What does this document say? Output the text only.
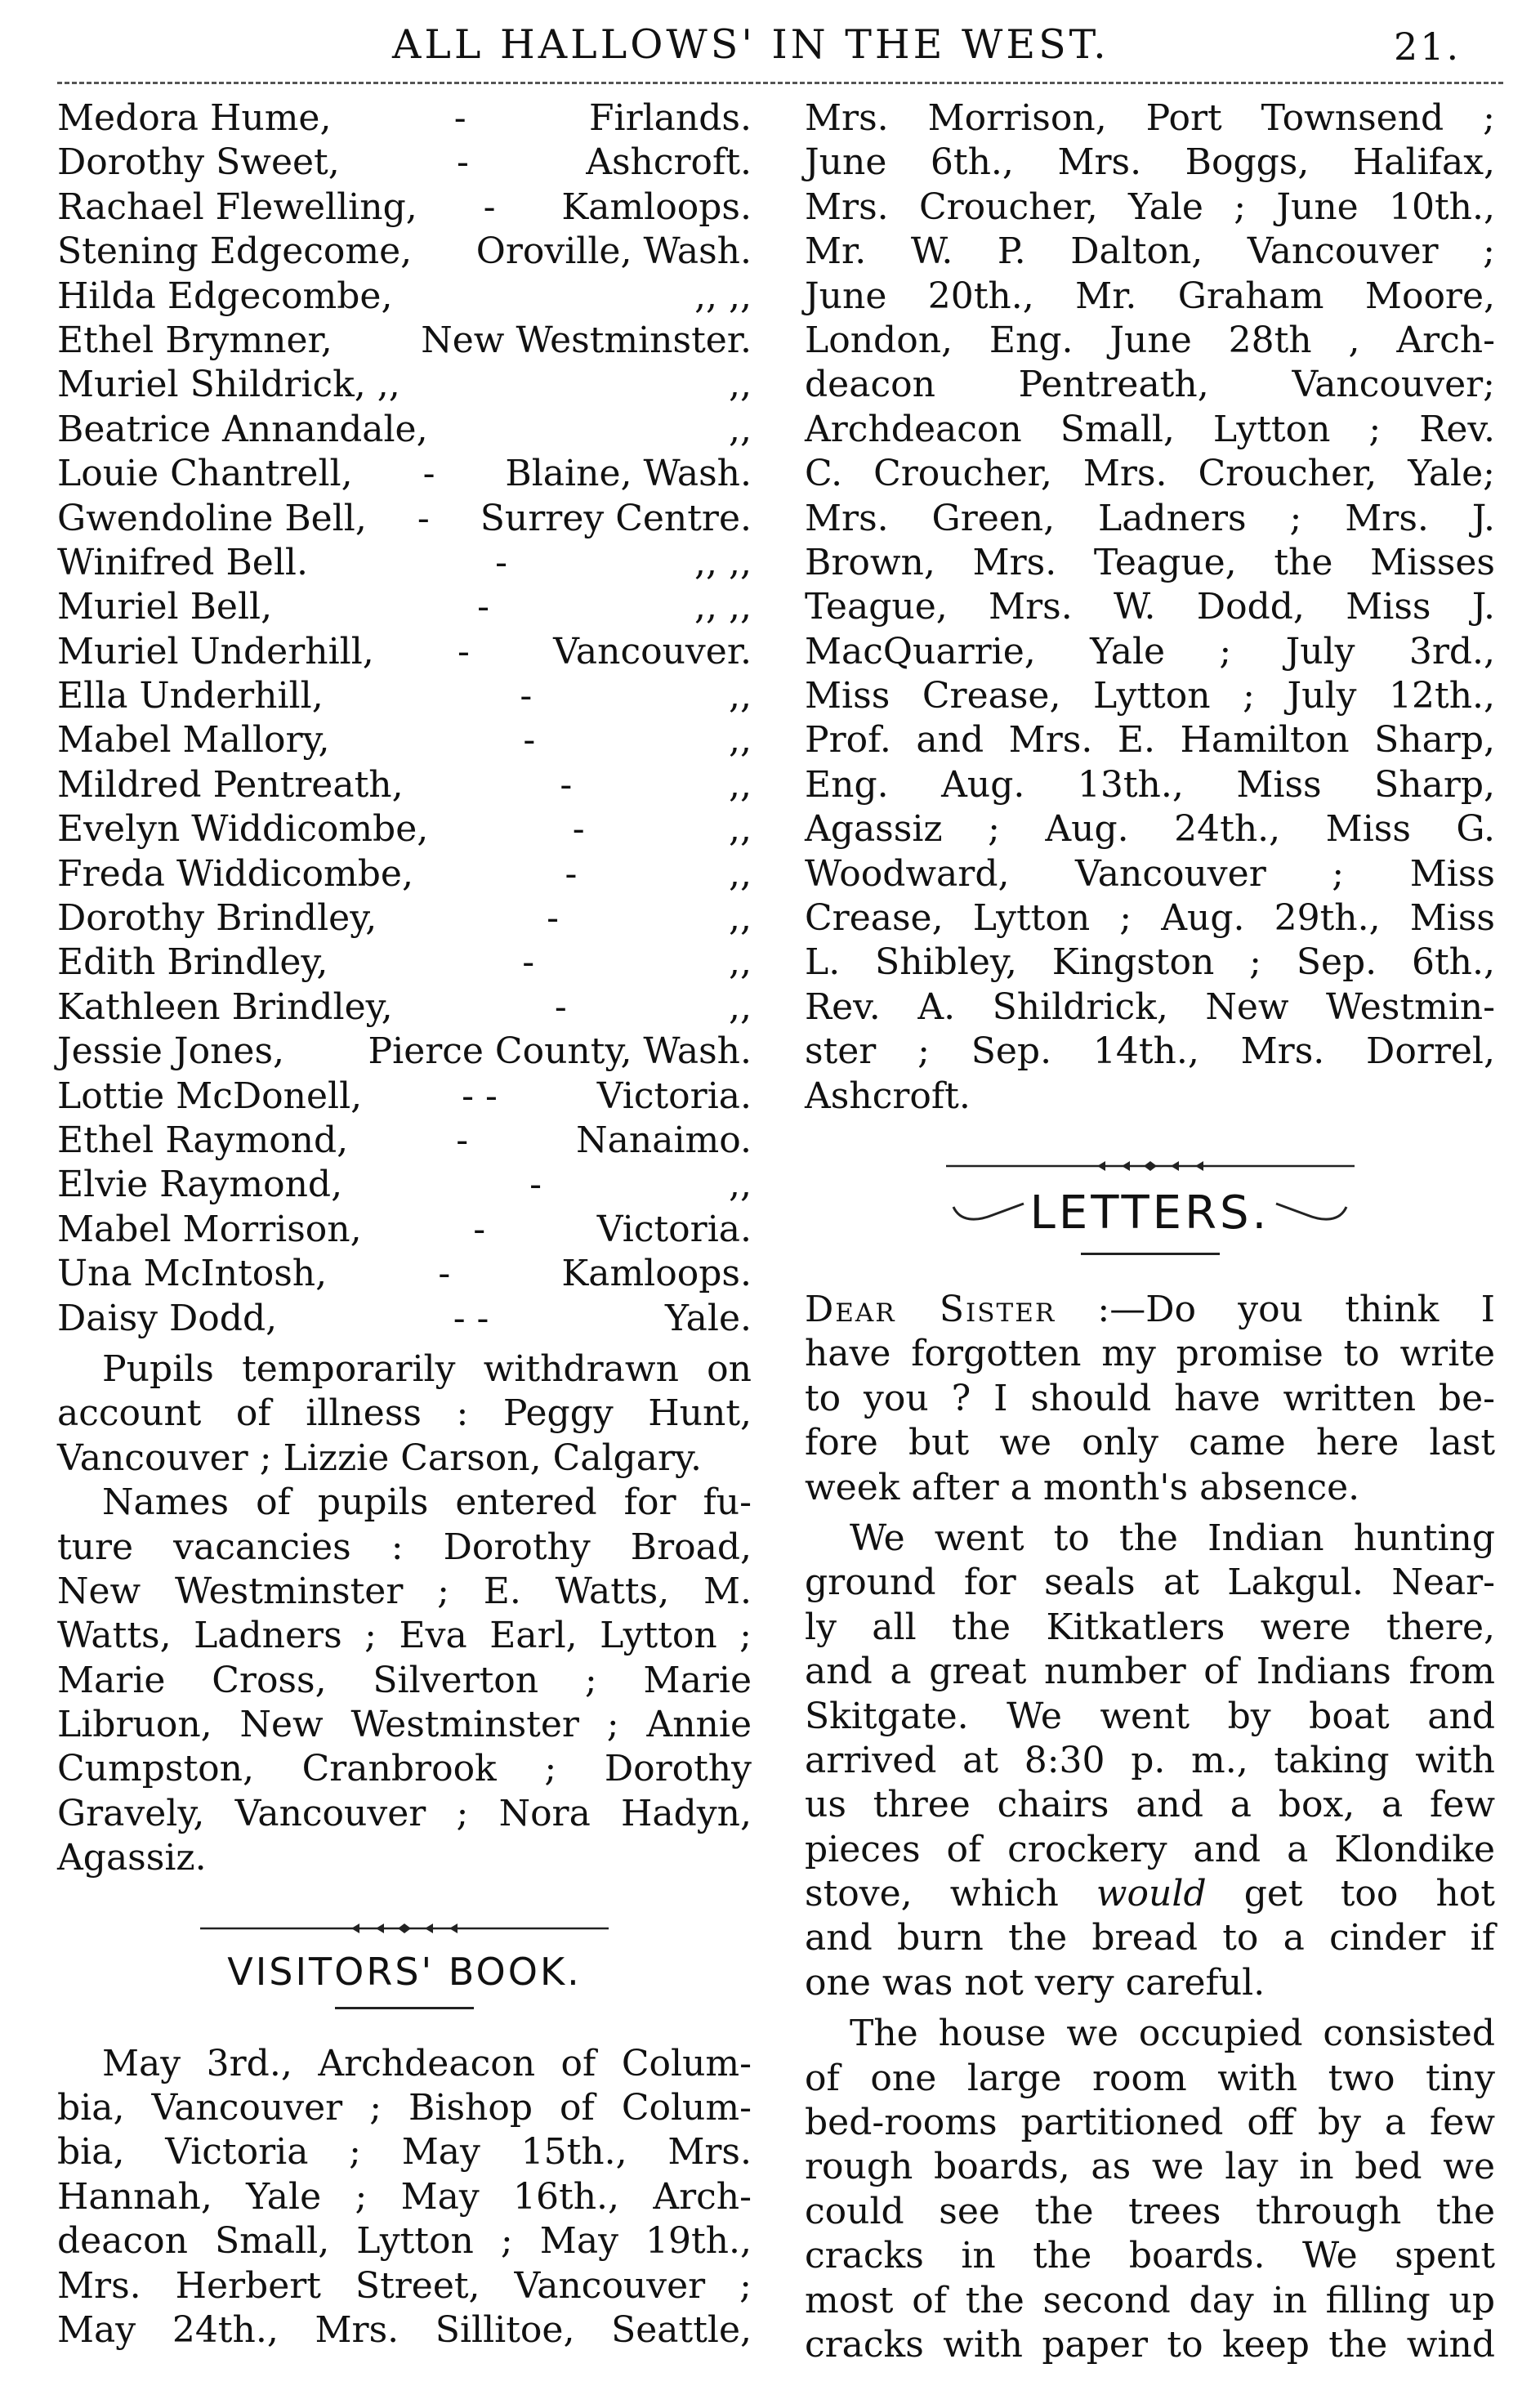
ALL HALLOWS' IN THE WEST.	21.
Medora Hume,	-	Firlands.
Dorothy Sweet,	-	Ashcroft.
Rachael Flewelling, - Kamloops.
Stening Edgecome, Oroville, Wash.
Hilda Edgecombe,	,, ,,
Ethel Brymner, New Westminster.
Muriel Shildrick, ,,	,,
Beatrice Annandale,	,,
Louie Chantrell, - Blaine, Wash.
Gwendoline Bell, - Surrey Centre.
Winifred Bell.	-	,, ,,
Muriel Bell,	-	,, ,,
Muriel Underhill, - Vancouver.
Ella Underhill,	-	,,
Mabel Mallory,	-	,,
Mildred Pentreath,	-	,,
Evelyn Widdicombe,	-	,,
Freda Widdicombe,	-	,,
Dorothy Brindley,	-	,,
Edith Brindley,	-	,,
Kathleen Brindley,	-	,,
Jessie Jones, Pierce County, Wash.
Lottie McDonell,	- -	Victoria.
Ethel Raymond,	-	Nanaimo.
Elvie Raymond,	-	,,
Mabel Morrison,	-	Victoria.
Una McIntosh,	-	Kamloops.
Daisy Dodd,	- -	Yale.
Pupils temporarily withdrawn on
account of illness : Peggy Hunt,
Vancouver ; Lizzie Carson, Calgary.
Names of pupils entered for fu-
ture vacancies : Dorothy Broad,
New Westminster ; E. Watts, M.
Watts, Ladners ; Eva Earl, Lytton ;
Marie Cross, Silverton ; Marie
Libruon, New Westminster ; Annie
Cumpston, Cranbrook ; Dorothy
Gravely, Vancouver ; Nora Hadyn,
Agassiz.
VISITORS' BOOK.
May 3rd., Archdeacon of Colum-
bia, Vancouver ; Bishop of Colum-
bia, Victoria ; May 15th., Mrs.
Hannah, Yale ; May 16th., Arch-
deacon Small, Lytton ; May 19th.,
Mrs. Herbert Street, Vancouver ;
May 24th., Mrs. Sillitoe, Seattle,
Mrs. Morrison, Port Townsend ;
June 6th., Mrs. Boggs, Halifax,
Mrs. Croucher, Yale ; June 10th.,
Mr. W. P. Dalton, Vancouver ;
June 20th., Mr. Graham Moore,
London, Eng. June 28th , Arch-
deacon Pentreath, Vancouver;
Archdeacon Small, Lytton ; Rev.
C. Croucher, Mrs. Croucher, Yale;
Mrs. Green, Ladners ; Mrs. J.
Brown, Mrs. Teague, the Misses
Teague, Mrs. W. Dodd, Miss J.
MacQuarrie, Yale ; July 3rd.,
Miss Crease, Lytton ; July 12th.,
Prof. and Mrs. E. Hamilton Sharp,
Eng. Aug. 13th., Miss Sharp,
Agassiz ; Aug. 24th., Miss G.
Woodward, Vancouver ; Miss
Crease, Lytton ; Aug. 29th., Miss
L. Shibley, Kingston ; Sep. 6th.,
Rev. A. Shildrick, New Westmin-
ster ; Sep. 14th., Mrs. Dorrel,
Ashcroft.
LETTERS.
Dear Sister :—Do you think I
have forgotten my promise to write
to you ? I should have written be-
fore but we only came here last
week after a month's absence.
We went to the Indian hunting
ground for seals at Lakgul. Near-
ly all the Kitkatlers were there,
and a great number of Indians from
Skitgate. We went by boat and
arrived at 8:30 p. m., taking with
us three chairs and a box, a few
pieces of crockery and a Klondike
stove, which would get too hot
and burn the bread to a cinder if
one was not very careful.
The house we occupied consisted
of one large room with two tiny
bed-rooms partitioned off by a few
rough boards, as we lay in bed we
could see the trees through the
cracks in the boards. We spent
most of the second day in filling up
cracks with paper to keep the wind
